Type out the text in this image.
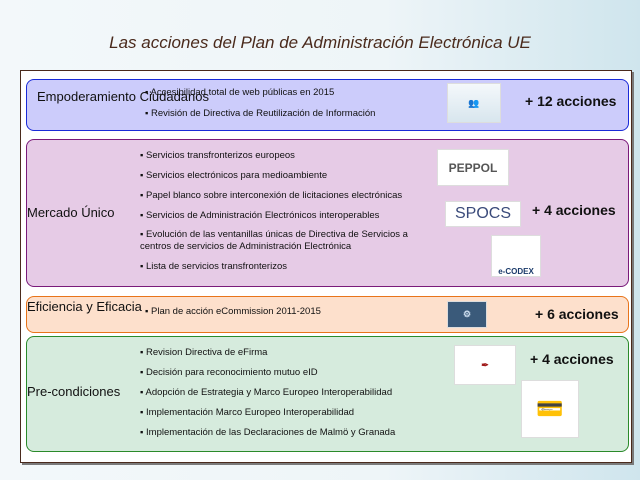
Las acciones del Plan de Administración Electrónica UE
Empoderamiento Ciudadanos
▪ Accesibilidad total de web públicas en 2015
▪ Revisión de Directiva de Reutilización de Información
👥	+ 12 acciones
Mercado Único
▪ Servicios transfronterizos europeos
▪ Servicios electrónicos para medioambiente
▪ Papel blanco sobre interconexión de licitaciones electrónicas
▪ Servicios de Administración Electrónicos interoperables
▪ Evolución de las ventanillas únicas de Directiva de Servicios a
centros de servicios de Administración Electrónica
▪ Lista de servicios transfronterizos
PEPPOL
SPOCS	+ 4 acciones
e-CODEX
Eficiencia y Eficacia ▪ Plan de acción eCommission 2011-2015	⚙	+ 6 acciones
Pre-condiciones
▪ Revision Directiva de eFirma
▪ Decisión para reconocimiento mutuo eID
▪ Adopción de Estrategia y Marco Europeo Interoperabilidad
▪ Implementación Marco Europeo Interoperabilidad
▪ Implementación de las Declaraciones de Malmö y Granada
✒	+ 4 acciones
💳
